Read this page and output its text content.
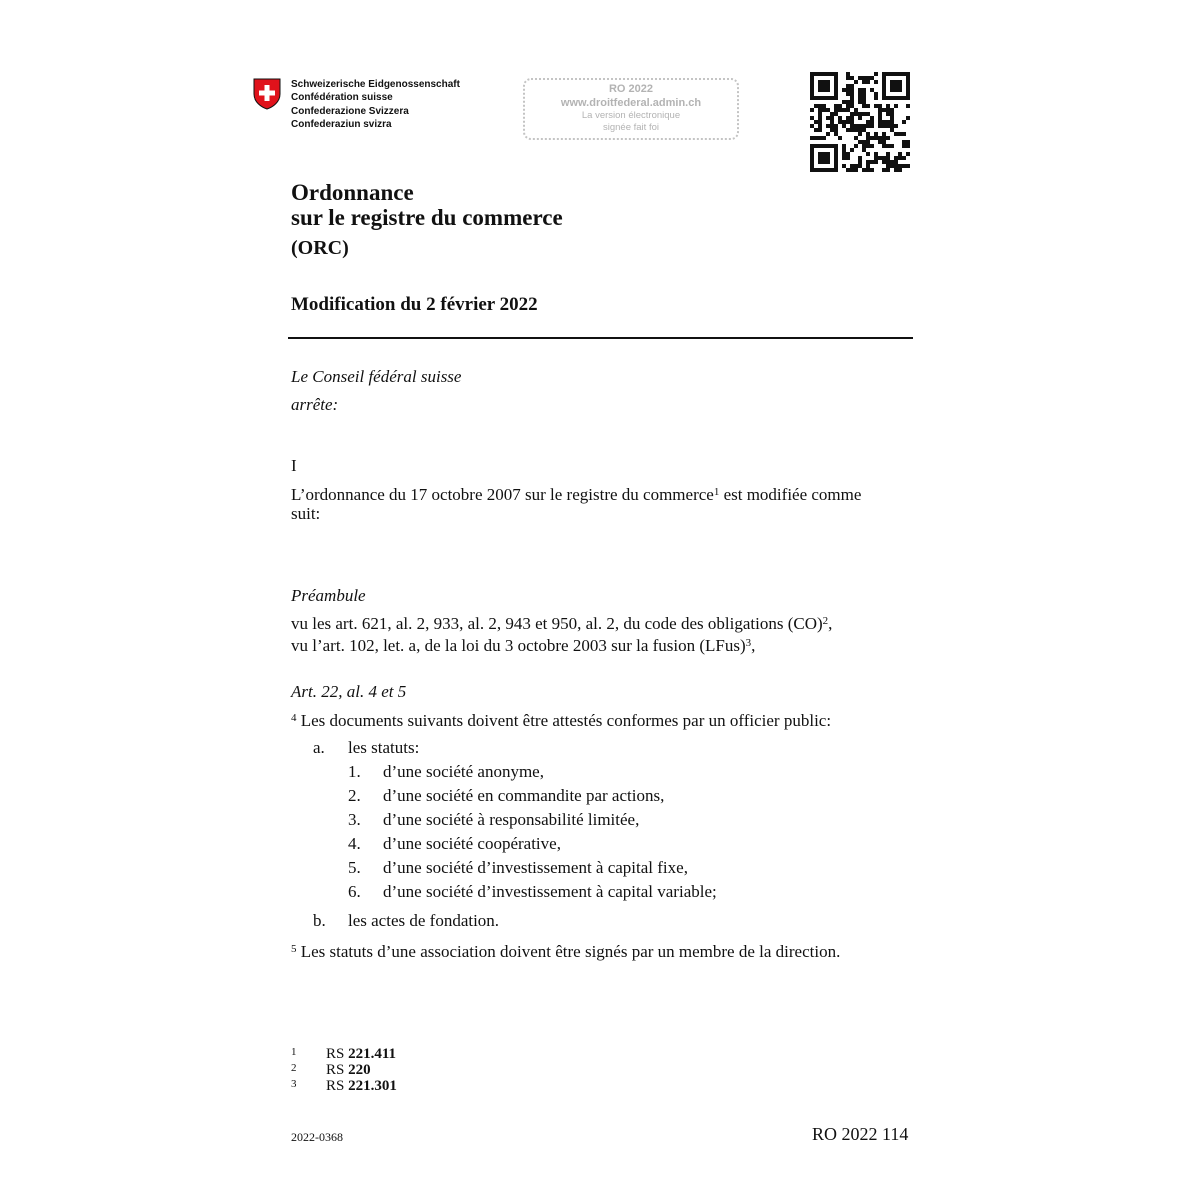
Schweizerische Eidgenossenschaft
Confédération suisse
Confederazione Svizzera
Confederaziun svizra
RO 2022
www.droitfederal.admin.ch
La version électronique
signée fait foi
Ordonnance
sur le registre du commerce
(ORC)
Modification du 2 février 2022
Le Conseil fédéral suisse
arrête:
I
L’ordonnance du 17 octobre 2007 sur le registre du commerce$^1$ est modifiée comme
suit:
Préambule
vu les art. 621, al. 2, 933, al. 2, 943 et 950, al. 2, du code des obligations (CO)$^2$,
vu l’art. 102, let. a, de la loi du 3 octobre 2003 sur la fusion (LFus)$^3$,
Art. 22, al. 4 et 5
$^4$ Les documents suivants doivent être attestés conformes par un officier public:
a. les statuts:
1. d’une société anonyme,
2. d’une société en commandite par actions,
3. d’une société à responsabilité limitée,
4. d’une société coopérative,
5. d’une société d’investissement à capital fixe,
6. d’une société d’investissement à capital variable;
b. les actes de fondation.
$^5$ Les statuts d’une association doivent être signés par un membre de la direction.
1	RS 221.411
2	RS 220
3	RS 221.301
2022-0368	RO 2022 114
